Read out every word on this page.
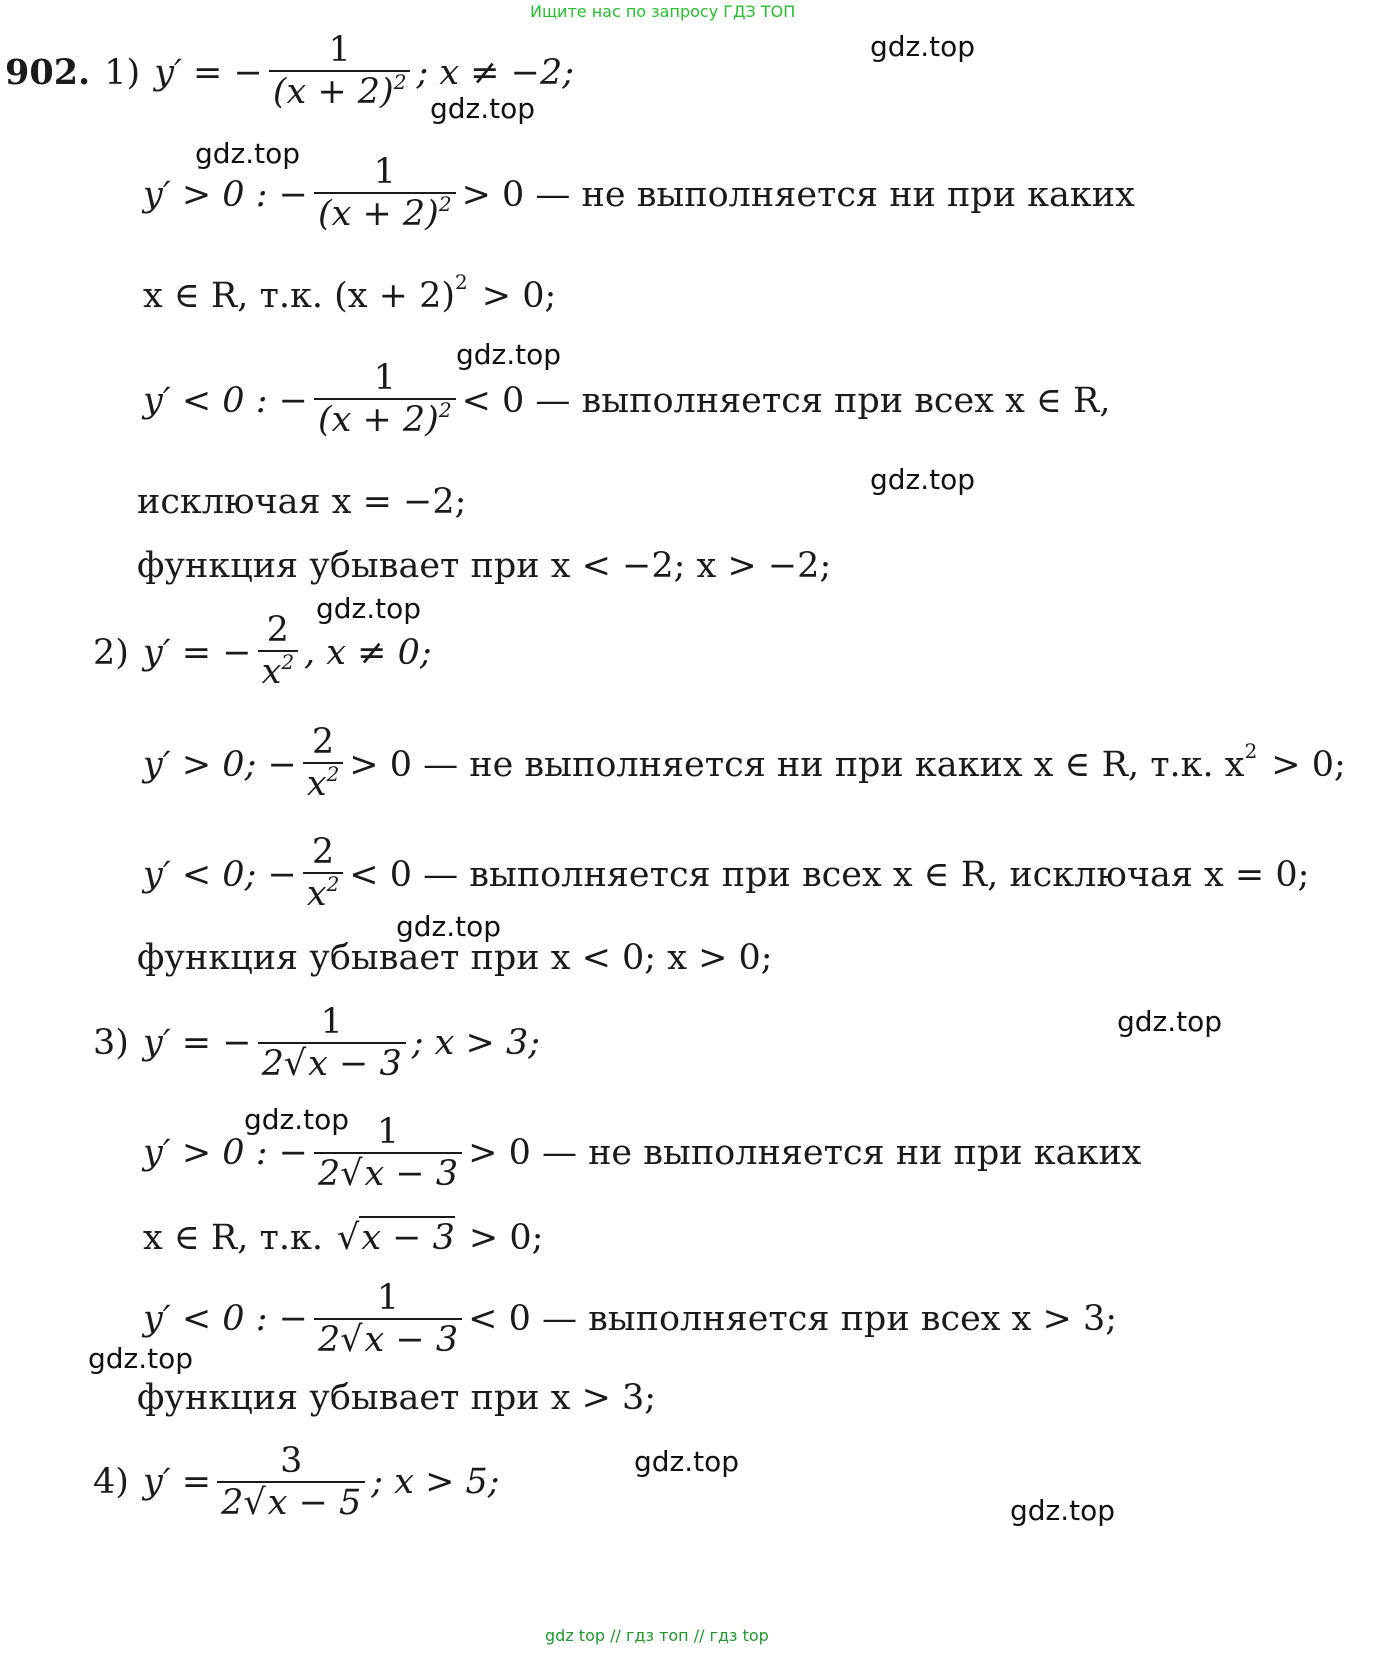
Ищите нас по запросу ГДЗ ТОП
gdz top // гдз топ // гдз top
gdz.top
gdz.top
gdz.top
gdz.top
gdz.top
gdz.top
gdz.top
gdz.top
gdz.top
gdz.top
gdz.top
gdz.top
902. 1) y′ = − $\frac{1}{(x + 2)^2}$ ; x ≠ −2;
y′ > 0 : − $\frac{1}{(x + 2)^2} > 0$ — не выполняется ни при каких
x ∈ R, т.к. (x + 2) 2 > 0;
y′ < 0 : − $\frac{1}{(x + 2)^2} < 0$ — выполняется при всех x ∈ R,
исключая x = −2;
функция убывает при x < −2; x > −2;
2) y′ = − $\frac{2}{x^2}$ , x ≠ 0;
y′ > 0; − $\frac{2}{x^2} > 0$ — не выполняется ни при каких x ∈ R, т.к. x 2 > 0;
y′ < 0; − $\frac{2}{x^2} < 0$ — выполняется при всех x ∈ R, исключая x = 0;
функция убывает при x < 0; x > 0;
3) y′ = − $\frac{1}{2√x - 3}$ ; x > 3;
y′ > 0 : − $\frac{1}{2√x - 3} > 0$ — не выполняется ни при каких
x ∈ R, т.к. √x − 3 > 0;
y′ < 0 : − $\frac{1}{2√x - 3} < 0$ — выполняется при всех x > 3;
функция убывает при x > 3;
4) $y' = \frac{3}{2√x - 5}$ ; x > 5;
